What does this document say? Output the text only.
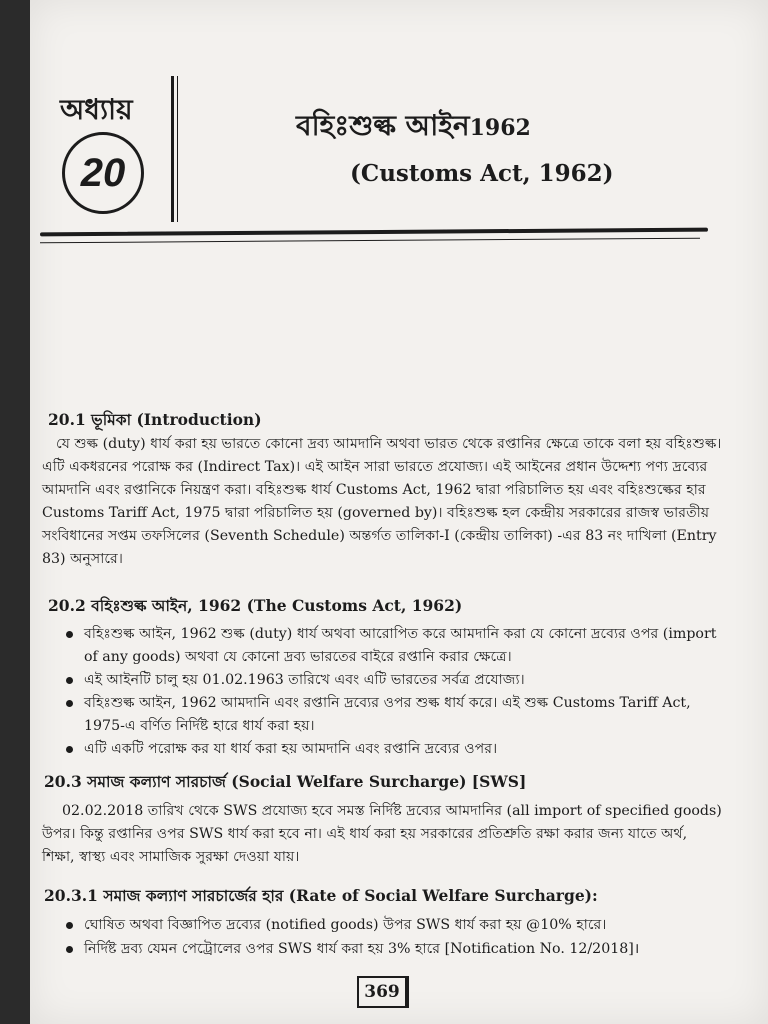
অধ্যায়
20
বহিঃশুল্ক আইন1962
(Customs Act, 1962)
20.1 ভূমিকা (Introduction)
যে শুল্ক (duty) ধার্য করা হয় ভারতে কোনো দ্রব্য আমদানি অথবা ভারত থেকে রপ্তানির ক্ষেত্রে তাকে বলা হয় বহিঃশুল্ক।
এটি একধরনের পরোক্ষ কর (Indirect Tax)। এই আইন সারা ভারতে প্রযোজ্য। এই আইনের প্রধান উদ্দেশ্য পণ্য দ্রব্যের
আমদানি এবং রপ্তানিকে নিয়ন্ত্রণ করা। বহিঃশুল্ক ধার্য Customs Act, 1962 দ্বারা পরিচালিত হয় এবং বহিঃশুল্কের হার
Customs Tariff Act, 1975 দ্বারা পরিচালিত হয় (governed by)। বহিঃশুল্ক হল কেন্দ্রীয় সরকারের রাজস্ব ভারতীয়
সংবিধানের সপ্তম তফসিলের (Seventh Schedule) অন্তর্গত তালিকা-I (কেন্দ্রীয় তালিকা) -এর 83 নং দাখিলা (Entry
83) অনুসারে।
20.2 বহিঃশুল্ক আইন, 1962 (The Customs Act, 1962)
বহিঃশুল্ক আইন, 1962 শুল্ক (duty) ধার্য অথবা আরোপিত করে আমদানি করা যে কোনো দ্রব্যের ওপর (import
of any goods) অথবা যে কোনো দ্রব্য ভারতের বাইরে রপ্তানি করার ক্ষেত্রে।
এই আইনটি চালু হয় 01.02.1963 তারিখে এবং এটি ভারতের সর্বত্র প্রযোজ্য।
বহিঃশুল্ক আইন, 1962 আমদানি এবং রপ্তানি দ্রব্যের ওপর শুল্ক ধার্য করে। এই শুল্ক Customs Tariff Act,
1975-এ বর্ণিত নির্দিষ্ট হারে ধার্য করা হয়।
এটি একটি পরোক্ষ কর যা ধার্য করা হয় আমদানি এবং রপ্তানি দ্রব্যের ওপর।
20.3 সমাজ কল্যাণ সারচার্জ (Social Welfare Surcharge) [SWS]
02.02.2018 তারিখ থেকে SWS প্রযোজ্য হবে সমস্ত নির্দিষ্ট দ্রব্যের আমদানির (all import of specified goods)
উপর। কিন্তু রপ্তানির ওপর SWS ধার্য করা হবে না। এই ধার্য করা হয় সরকারের প্রতিশ্রুতি রক্ষা করার জন্য যাতে অর্থ,
শিক্ষা, স্বাস্থ্য এবং সামাজিক সুরক্ষা দেওয়া যায়।
20.3.1 সমাজ কল্যাণ সারচার্জের হার (Rate of Social Welfare Surcharge):
ঘোষিত অথবা বিজ্ঞাপিত দ্রব্যের (notified goods) উপর SWS ধার্য করা হয় @10% হারে।
নির্দিষ্ট দ্রব্য যেমন পেট্রোলের ওপর SWS ধার্য করা হয় 3% হারে [Notification No. 12/2018]।
369
